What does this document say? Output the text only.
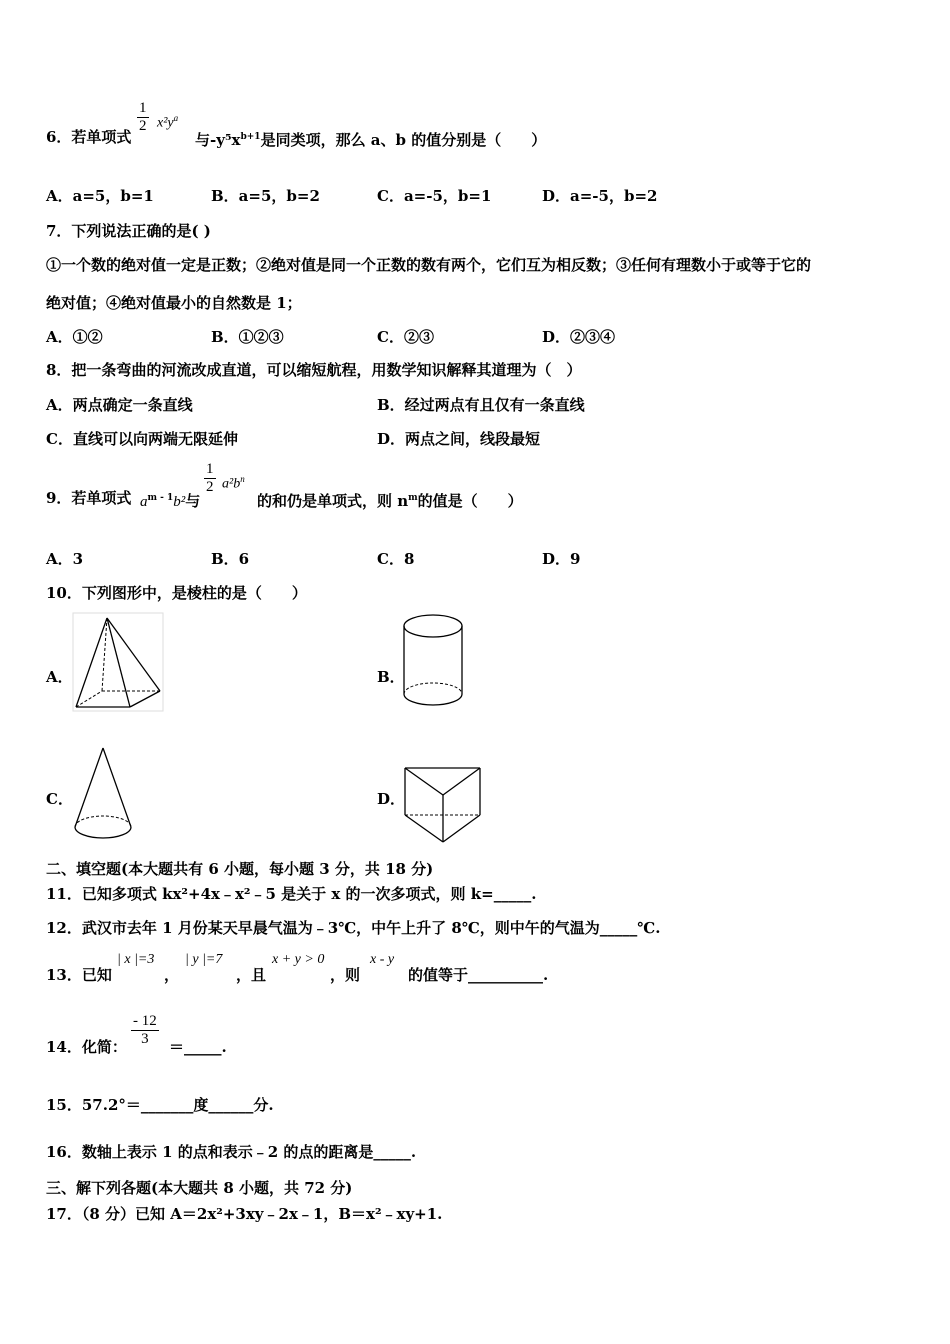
6．若单项式
$\frac{1}{2} x^2y^a$
与$-y^5x^{b+1}$是同类项，那么 a、b 的值分别是（　　）
A．a=5，b=1	B．a=5，b=2	C．a=-5，b=1	D．a=-5，b=2
7．下列说法正确的是( )
①一个数的绝对值一定是正数；②绝对值是同一个正数的数有两个，它们互为相反数；③任何有理数小于或等于它的
绝对值；④绝对值最小的自然数是 1；
A．①②	B．①②③	C．②③	D．②③④
8．把一条弯曲的河流改成直道，可以缩短航程，用数学知识解释其道理为（　）
A．两点确定一条直线	B．经过两点有且仅有一条直线
C．直线可以向两端无限延伸	D．两点之间，线段最短
9．若单项式 $a^{m - 1}b^2$与
$\frac{1}{2} a^2b^n$
的和仍是单项式，则 $n^m$的值是（　　）
A．3	B．6	C．8	D．9
10．下列图形中，是棱柱的是（　　）
A．	B．
C．	D．
二、填空题(本大题共有 6 小题，每小题 3 分，共 18 分)
11．已知多项式 kx²+4x﹣x²﹣5 是关于 x 的一次多项式，则 k=_____.
12．武汉市去年 1 月份某天早晨气温为﹣3℃，中午上升了 8℃，则中午的气温为_____℃.
13．已知
| x |=3
，
| y |=7
，且
x + y > 0
，则
x - y
的值等于__________.
14．化简： $\frac{- 12}{3}$ ＝_____.
15．57.2°＝_______度______分.
16．数轴上表示 1 的点和表示﹣2 的点的距离是_____.
三、解下列各题(本大题共 8 小题，共 72 分)
17．（8 分）已知 A＝2x²+3xy﹣2x﹣1，B＝x²﹣xy+1.
